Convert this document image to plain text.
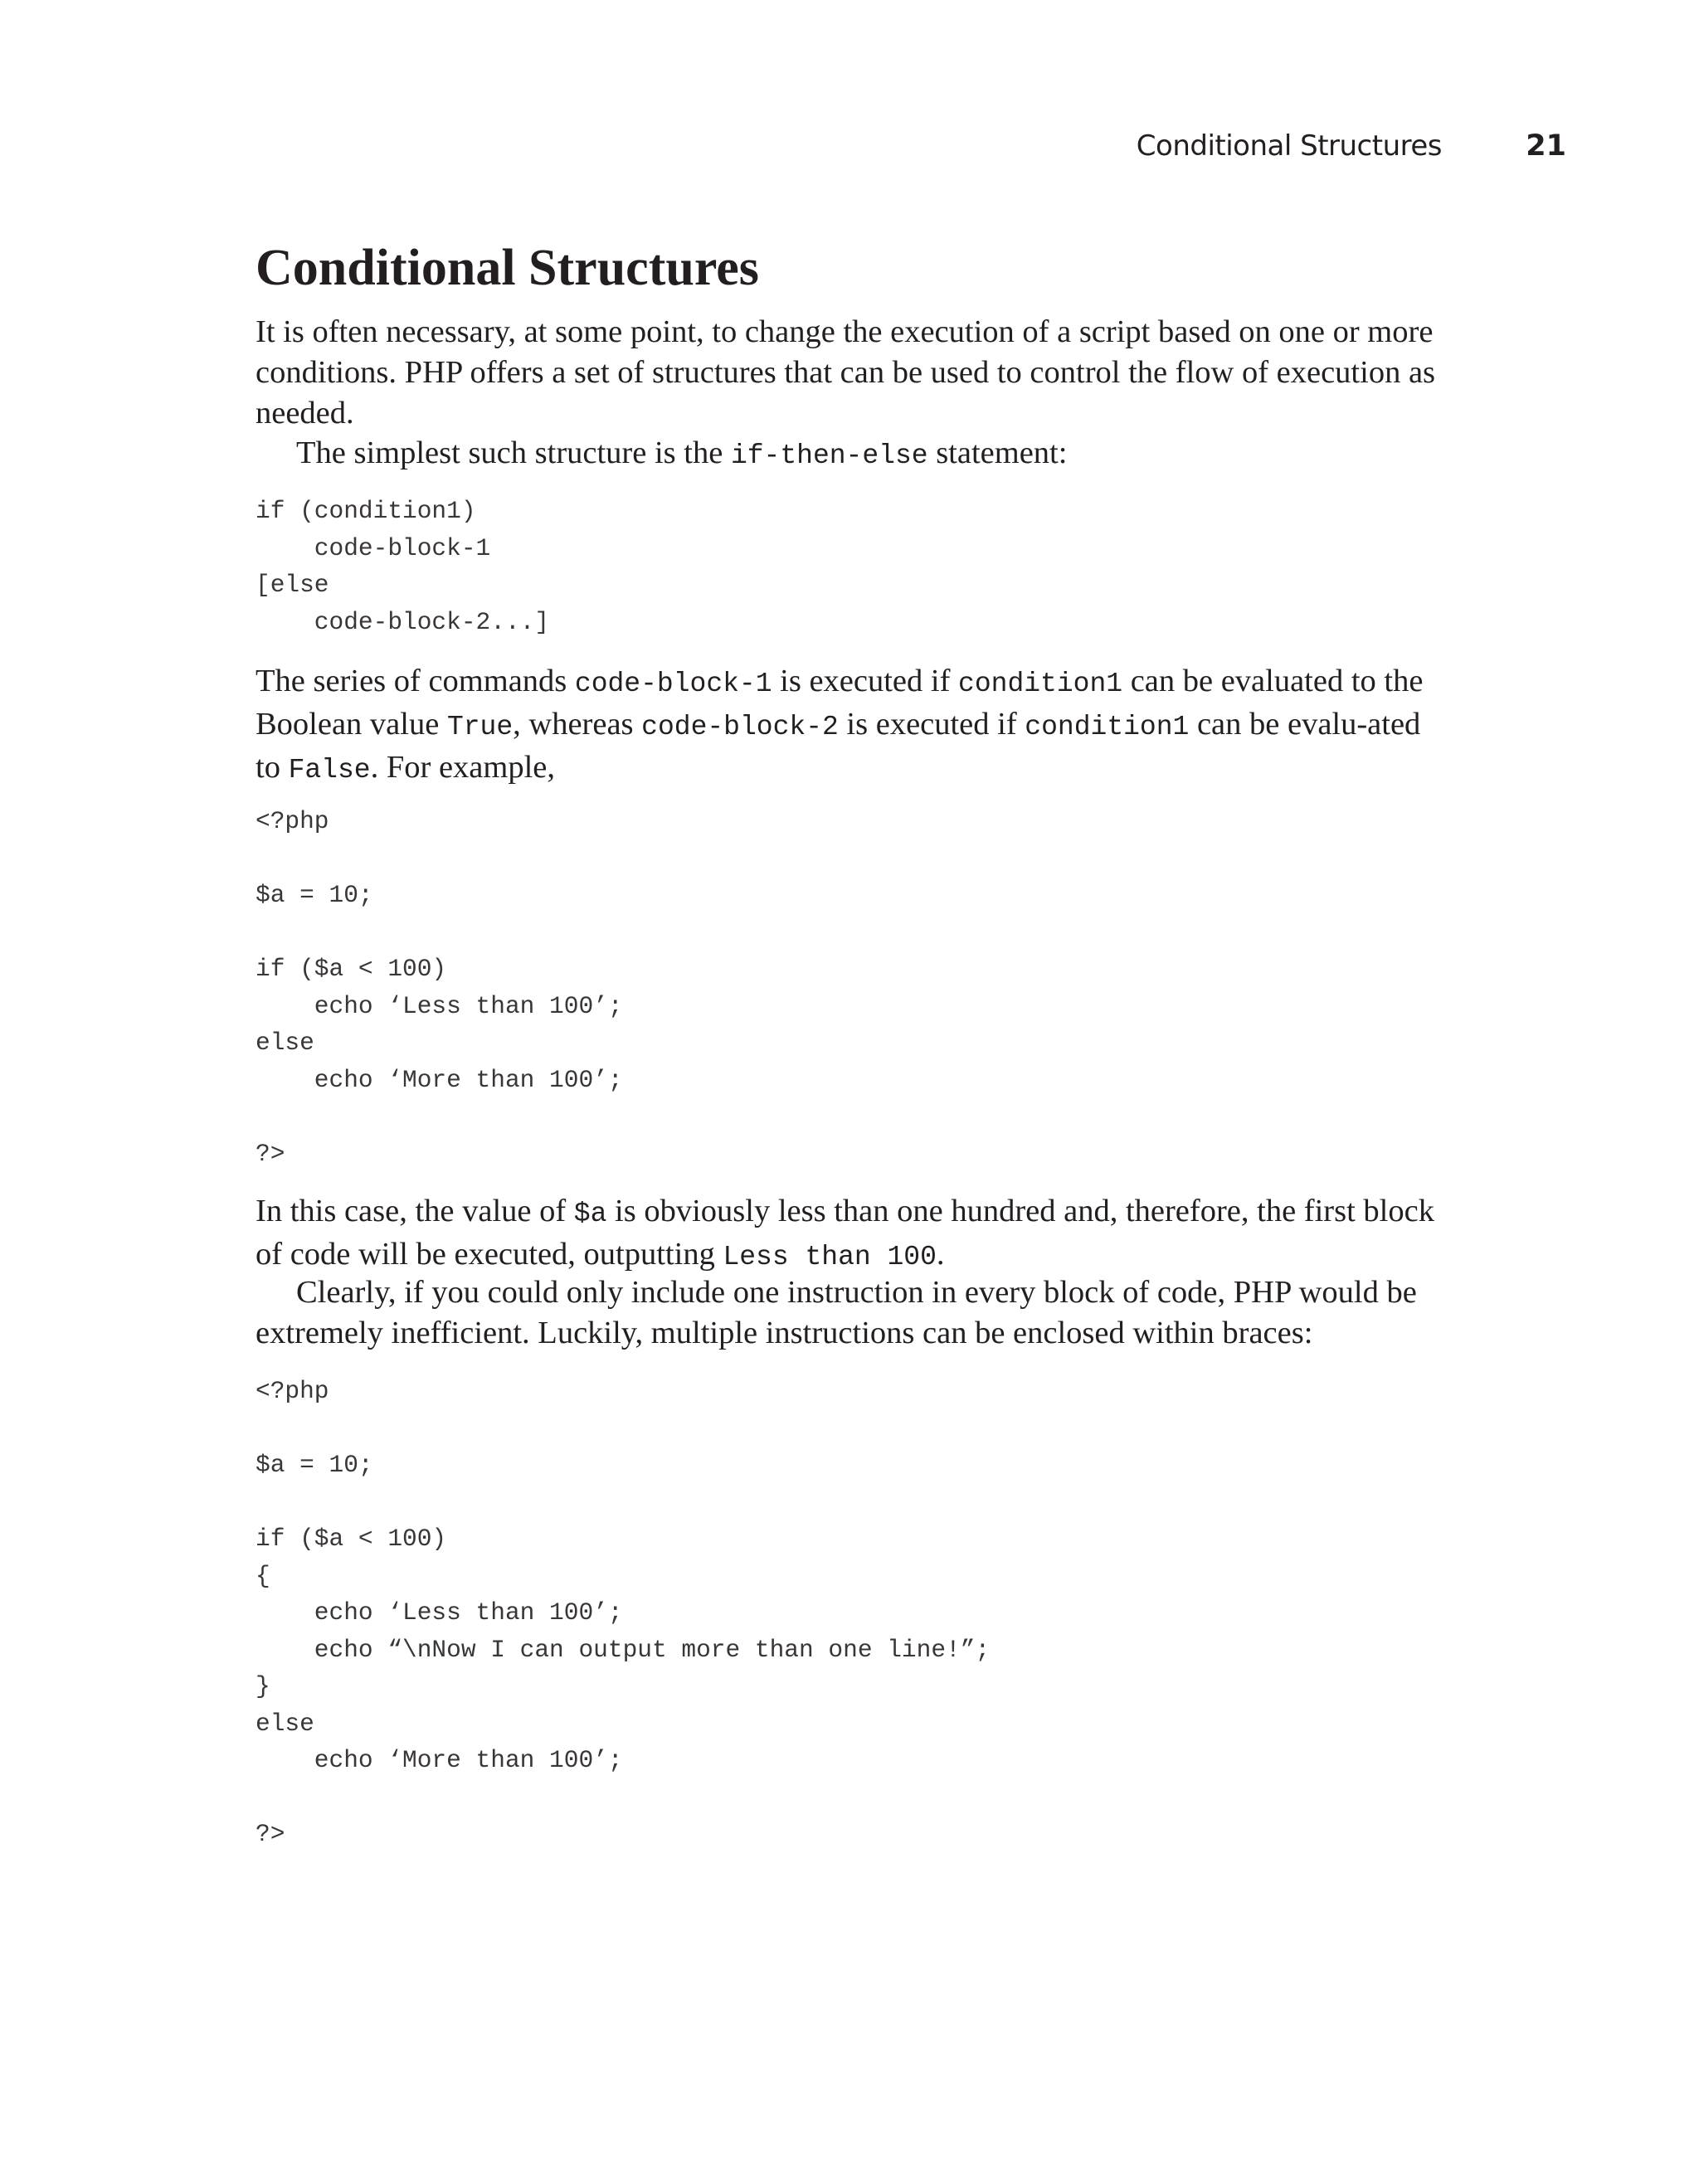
Conditional Structures	21
Conditional Structures

It is often necessary, at some point, to change the execution of a script based on one or more conditions. PHP offers a set of structures that can be used to control the flow of execution as needed.

The simplest such structure is the if-then-else statement:

if (condition1)
code-block-1
[else
code-block-2...]

The series of commands code-block-1 is executed if condition1 can be evaluated to the Boolean value True, whereas code-block-2 is executed if condition1 can be evalu-ated to False. For example,

<?php

$a = 10;

if ($a < 100)
echo ‘Less than 100’;
else
echo ‘More than 100’;

?>

In this case, the value of $a is obviously less than one hundred and, therefore, the first block of code will be executed, outputting Less than 100.

Clearly, if you could only include one instruction in every block of code, PHP would be extremely inefficient. Luckily, multiple instructions can be enclosed within braces:

<?php

$a = 10;

if ($a < 100)
{
echo ‘Less than 100’;
echo “\nNow I can output more than one line!”;
}
else
echo ‘More than 100’;

?>
